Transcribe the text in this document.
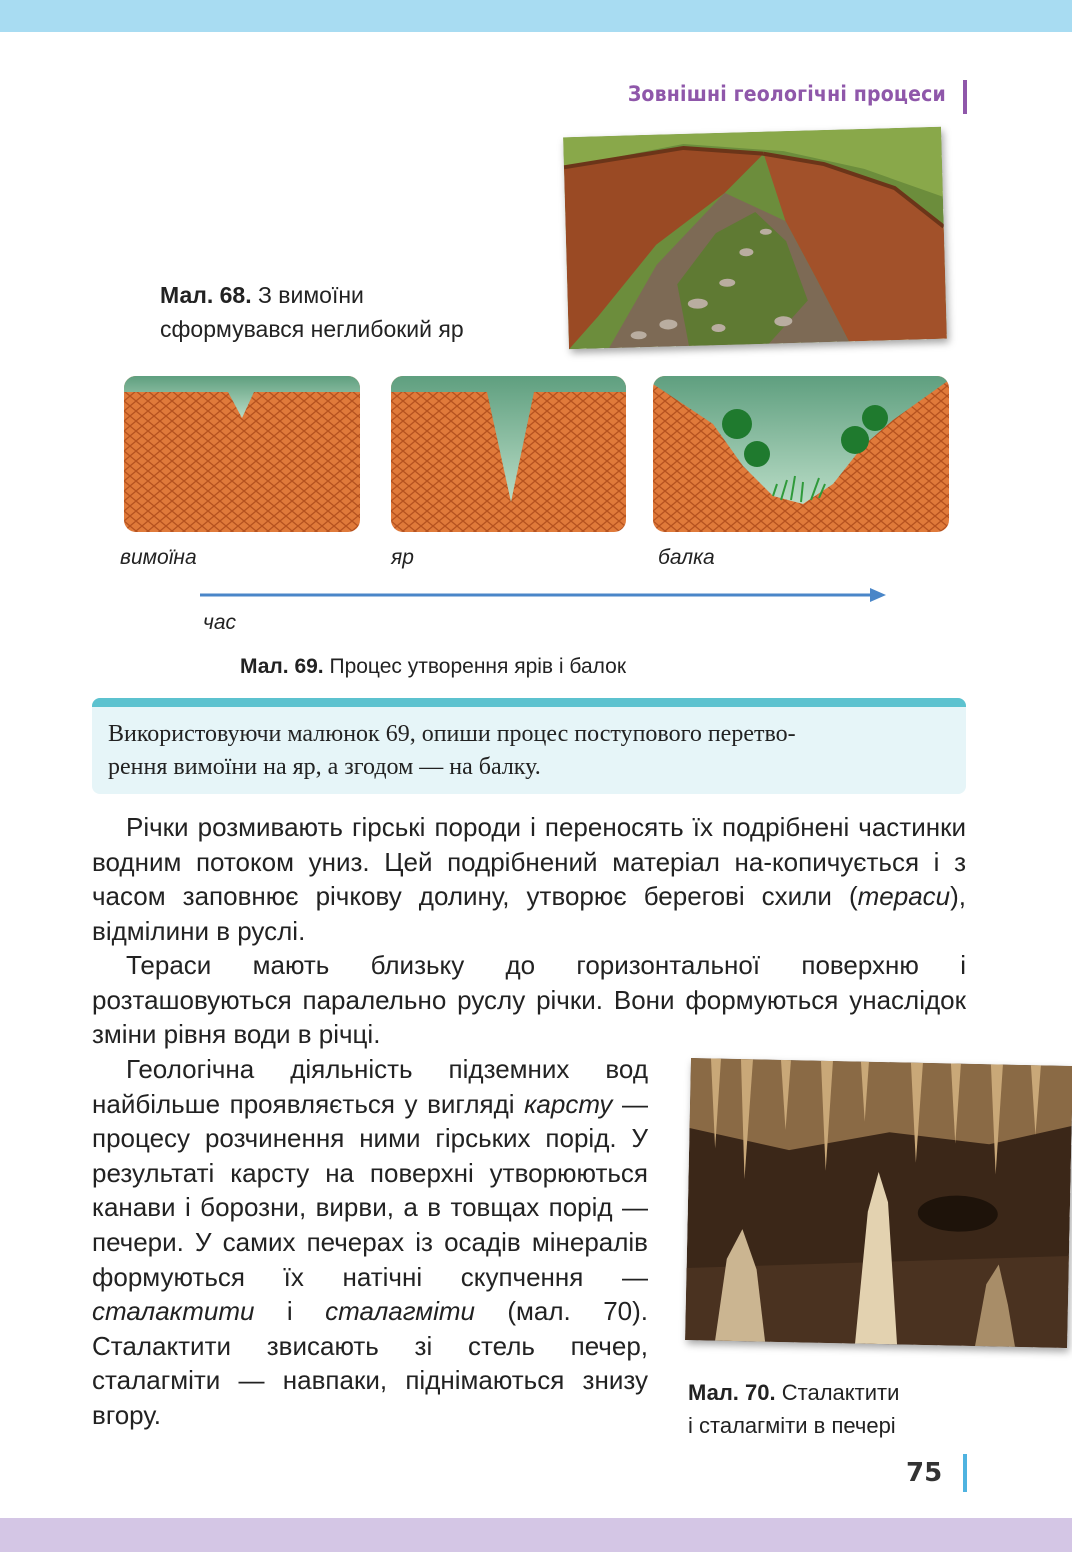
Зовнішні геологічні процеси
Мал. 68. З вимоїни
сформувався неглибокий яр
вимоїна	яр	балка
час
Мал. 69. Процес утворення ярів і балок
Використовуючи малюнок 69, опиши процес поступового перетво-
рення вимоїни на яр, а згодом — на балку.
Річки розмивають гірські породи і переносять їх подрібнені частинки водним потоком униз. Цей подрібнений матеріал на-копичується і з часом заповнює річкову долину, утворює берегові схили (тераси), відмілини в руслі.
Тераси мають близьку до горизонтальної поверхню і розташовуються паралельно руслу річки. Вони формуються унаслідок зміни рівня води в річці.
Геологічна діяльність підземних вод найбільше проявляється у вигляді карсту — процесу розчинення ними гірських порід. У результаті карсту на поверхні утворюються канави і борозни, вирви, а в товщах порід — печери. У самих печерах із осадів мінералів формуються їх натічні скупчення — сталактити і сталагміти (мал. 70). Сталактити звисають зі стель печер, сталагміти — навпаки, піднімаються знизу вгору.
Мал. 70. Сталактити
і сталагміти в печері
75
